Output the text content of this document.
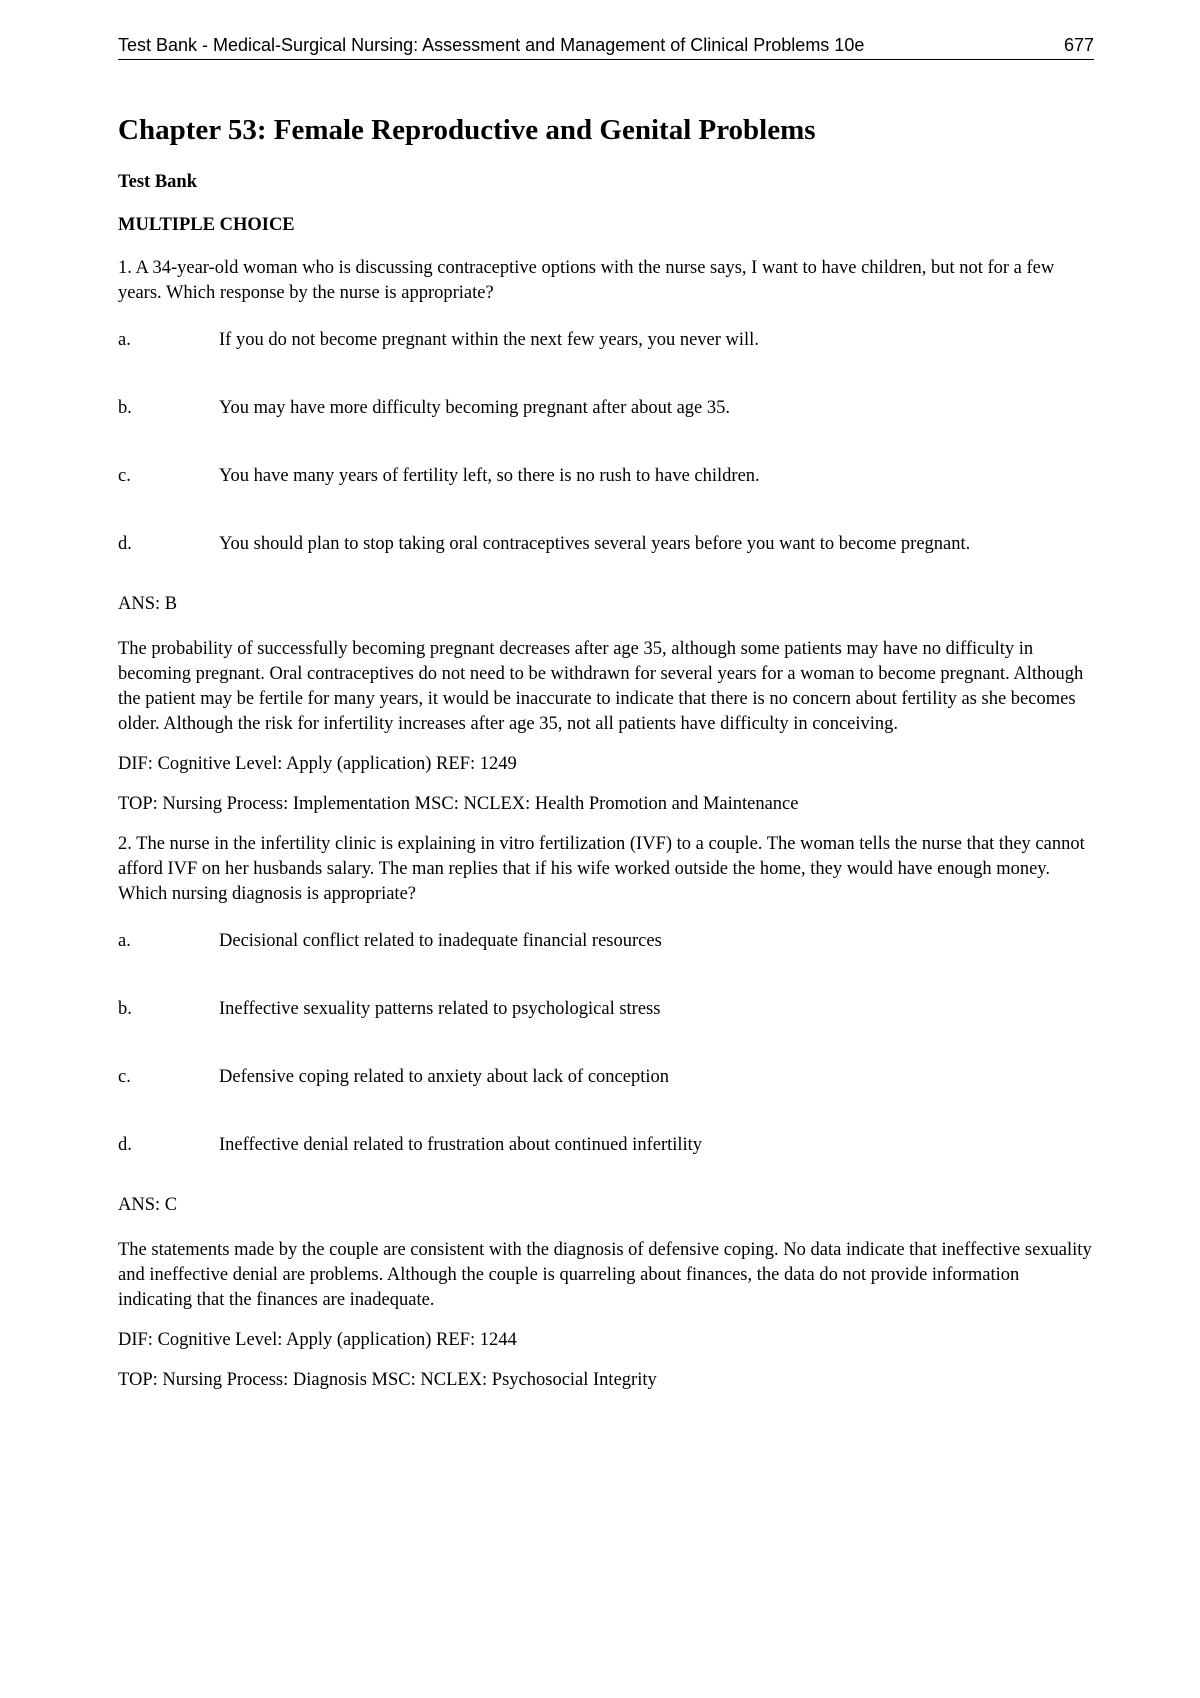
Test Bank - Medical-Surgical Nursing: Assessment and Management of Clinical Problems 10e	677
Chapter 53: Female Reproductive and Genital Problems
Test Bank
MULTIPLE CHOICE

1. A 34-year-old woman who is discussing contraceptive options with the nurse says, I want to have children, but not for a few years. Which response by the nurse is appropriate?

a.	If you do not become pregnant within the next few years, you never will.
b.	You may have more difficulty becoming pregnant after about age 35.
c.	You have many years of fertility left, so there is no rush to have children.
d.	You should plan to stop taking oral contraceptives several years before you want to become pregnant.

ANS: B

The probability of successfully becoming pregnant decreases after age 35, although some patients may have no difficulty in becoming pregnant. Oral contraceptives do not need to be withdrawn for several years for a woman to become pregnant. Although the patient may be fertile for many years, it would be inaccurate to indicate that there is no concern about fertility as she becomes older. Although the risk for infertility increases after age 35, not all patients have difficulty in conceiving.

DIF: Cognitive Level: Apply (application) REF: 1249

TOP: Nursing Process: Implementation MSC: NCLEX: Health Promotion and Maintenance

2. The nurse in the infertility clinic is explaining in vitro fertilization (IVF) to a couple. The woman tells the nurse that they cannot afford IVF on her husbands salary. The man replies that if his wife worked outside the home, they would have enough money. Which nursing diagnosis is appropriate?

a.	Decisional conflict related to inadequate financial resources
b.	Ineffective sexuality patterns related to psychological stress
c.	Defensive coping related to anxiety about lack of conception
d.	Ineffective denial related to frustration about continued infertility

ANS: C

The statements made by the couple are consistent with the diagnosis of defensive coping. No data indicate that ineffective sexuality and ineffective denial are problems. Although the couple is quarreling about finances, the data do not provide information indicating that the finances are inadequate.

DIF: Cognitive Level: Apply (application) REF: 1244

TOP: Nursing Process: Diagnosis MSC: NCLEX: Psychosocial Integrity
